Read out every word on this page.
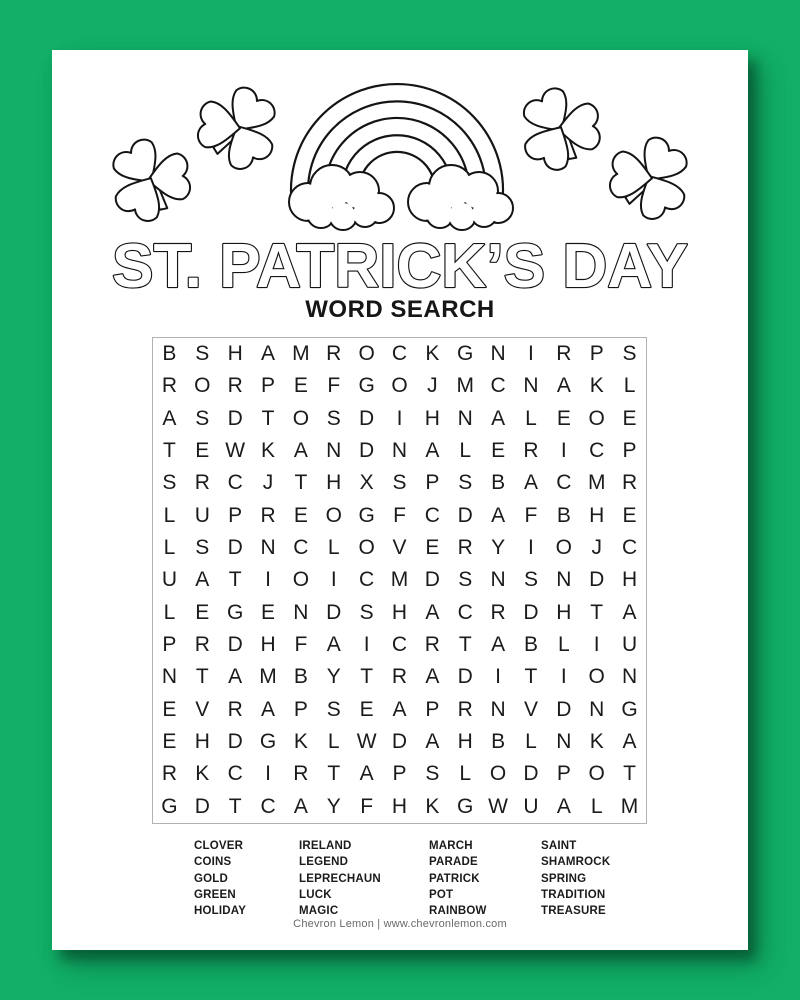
ST. PATRICK’S DAY
WORD SEARCH
B S H A M R O C K G N	I	R P S
R O R P E F G O J M C N A K L
A S D T O S D	I	H N A L E O E
T E W K A N D N A L E R	I	C P
S R C J	T H X S P S B A C M R
L U P R E O G F C D A F B H E
L S D N C L O V E R Y	I	O J C
U A T	I	O	I	C M D S N S N D H
L E G E N D S H A C R D H T A
P R D H F A	I	C R T A B L	I	U
N T A M B Y T R A D	I	T	I	O N
E V R A P S E A P R N V D N G
E H D G K L W D A H B L N K A
R K C	I	R T A P S L O D P O T
G D T C A Y F H K G W U A L M
CLOVER
COINS
GOLD
GREEN
HOLIDAY
IRELAND
LEGEND
LEPRECHAUN
LUCK
MAGIC
MARCH
PARADE
PATRICK
POT
RAINBOW
SAINT
SHAMROCK
SPRING
TRADITION
TREASURE
Chevron Lemon | www.chevronlemon.com
